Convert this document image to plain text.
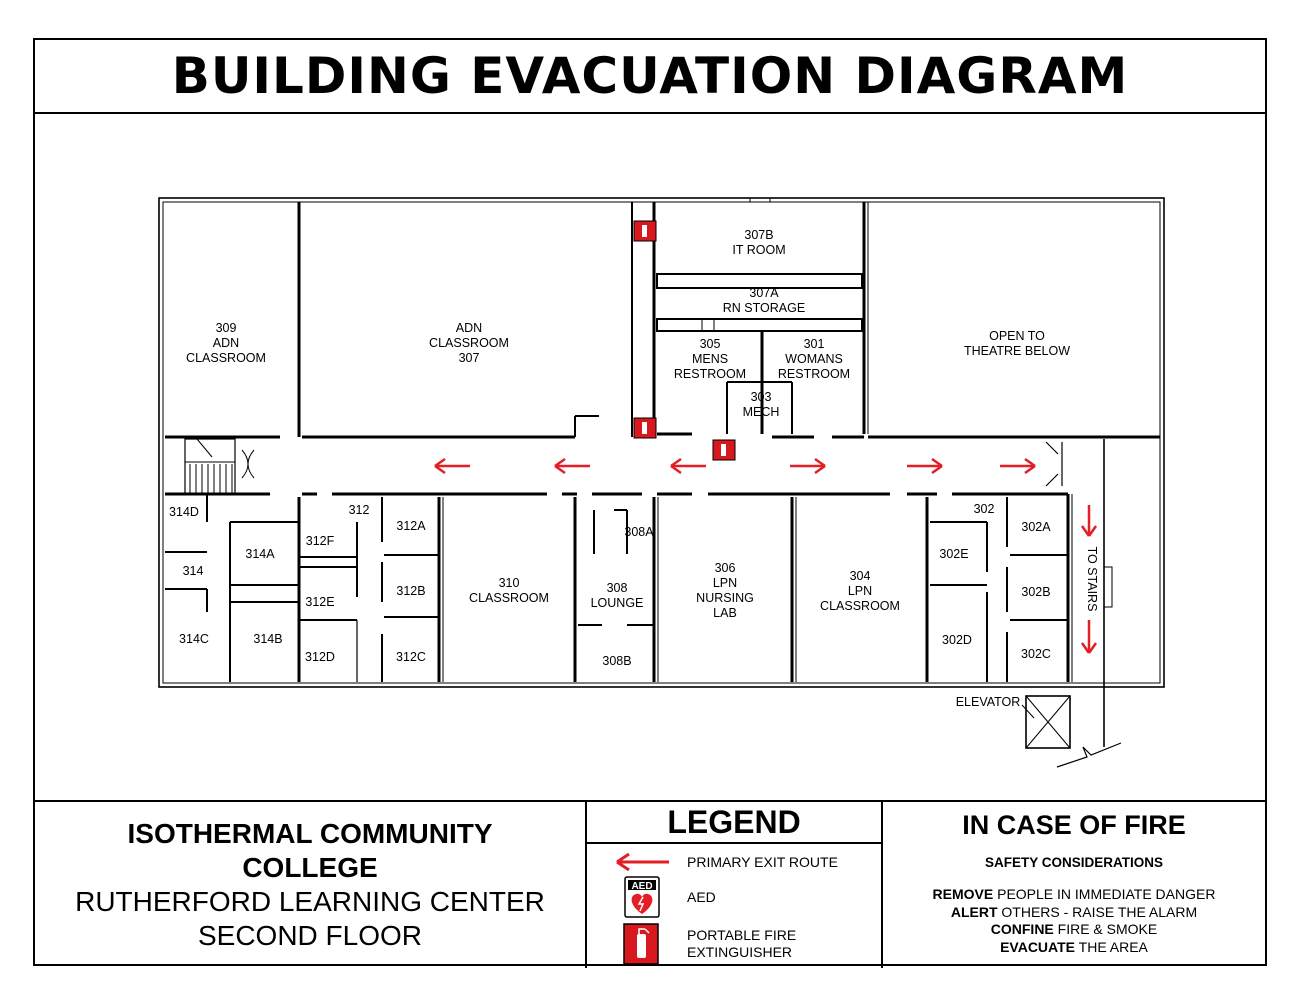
BUILDING EVACUATION DIAGRAM
309 ADN CLASSROOM
ADN CLASSROOM 307
307B IT ROOM
307A RN STORAGE
305 MENS RESTROOM
301 WOMANS RESTROOM
303 MECH
OPEN TO THEATRE BELOW
314D
314
314A
314C	314B
312
312A
312F
312E
312B
312D	312C
310 CLASSROOM
308A
308 LOUNGE
308B
306 LPN NURSING LAB
304 LPN CLASSROOM
302
302A
302E
302B
302D
302C
ELEVATOR
TO STAIRS
ISOTHERMAL COMMUNITY
COLLEGE
RUTHERFORD LEARNING CENTER
SECOND FLOOR
LEGEND
PRIMARY EXIT ROUTE
AED
AED
PORTABLE FIRE
EXTINGUISHER
IN CASE OF FIRE
SAFETY CONSIDERATIONS
REMOVE PEOPLE IN IMMEDIATE DANGER
ALERT OTHERS - RAISE THE ALARM
CONFINE FIRE & SMOKE
EVACUATE THE AREA
